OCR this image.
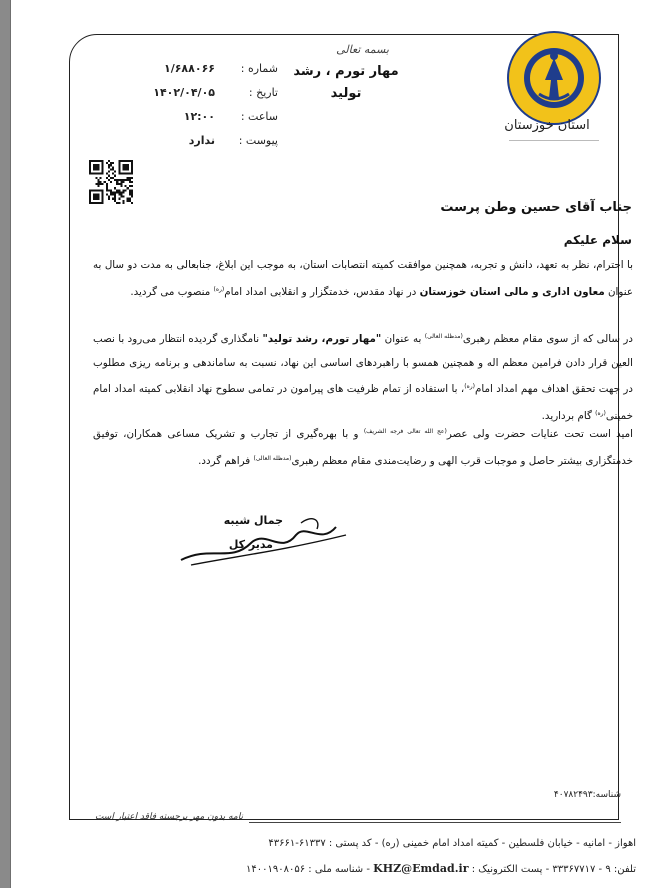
استان خوزستان
بسمه تعالی
مهار تورم ، رشد
تولید
شماره :
۱/۶۸۸۰۶۶
تاریخ :
۱۴۰۲/۰۴/۰۵
ساعت :
۱۲:۰۰
پیوست :
ندارد
جناب آقای حسین وطن پرست
سلام علیکم
با احترام، نظر به تعهد، دانش و تجربه، همچنین موافقت کمیته انتصابات استان، به موجب این ابلاغ، جنابعالی به مدت دو سال به عنوان معاون اداری و مالی استان خوزستان در نهاد مقدس، خدمتگزار و انقلابی امداد امام$^{(ره)}$ منصوب می گردید.
در سالی که از سوی مقام معظم رهبری$^{(مدظله العالی)}$ به عنوان "مهار تورم، رشد تولید" نامگذاری گردیده انتظار می‌رود با نصب العین قرار دادن فرامین معظم اله و همچنین همسو با راهبردهای اساسی این نهاد، نسبت به ساماندهی و برنامه ریزی مطلوب در جهت تحقق اهداف مهم امداد امام$^{(ره)}$، با استفاده از تمام ظرفیت های پیرامون در تمامی سطوح نهاد انقلابی کمیته امداد امام خمینی$^{(ره)}$ گام بردارید.
امید است تحت عنایات حضرت ولی عصر$^{(عج الله تعالی فرجه الشریف)}$ و با بهره‌گیری از تجارب و تشریک مساعی همکاران، توفیق خدمتگزاری بیشتر حاصل و موجبات قرب الهی و رضایت‌مندی مقام معظم رهبری$^{(مدظله العالی)}$ فراهم گردد.
جمال شیبه
مدیر کل
شناسه:۴۰۷۸۲۴۹۳
نامه بدون مهر برجسته فاقد اعتبار است
اهواز - امانیه - خیابان فلسطین - کمیته امداد امام خمینی (ره) - کد پستی : ۶۱۳۳۷-۴۳۶۶۱
تلفن: ۹ - ۳۳۳۶۷۷۱۷ - پست الکترونیک : KHZ@Emdad.ir - شناسه ملی : ۱۴۰۰۱۹۰۸۰۵۶
